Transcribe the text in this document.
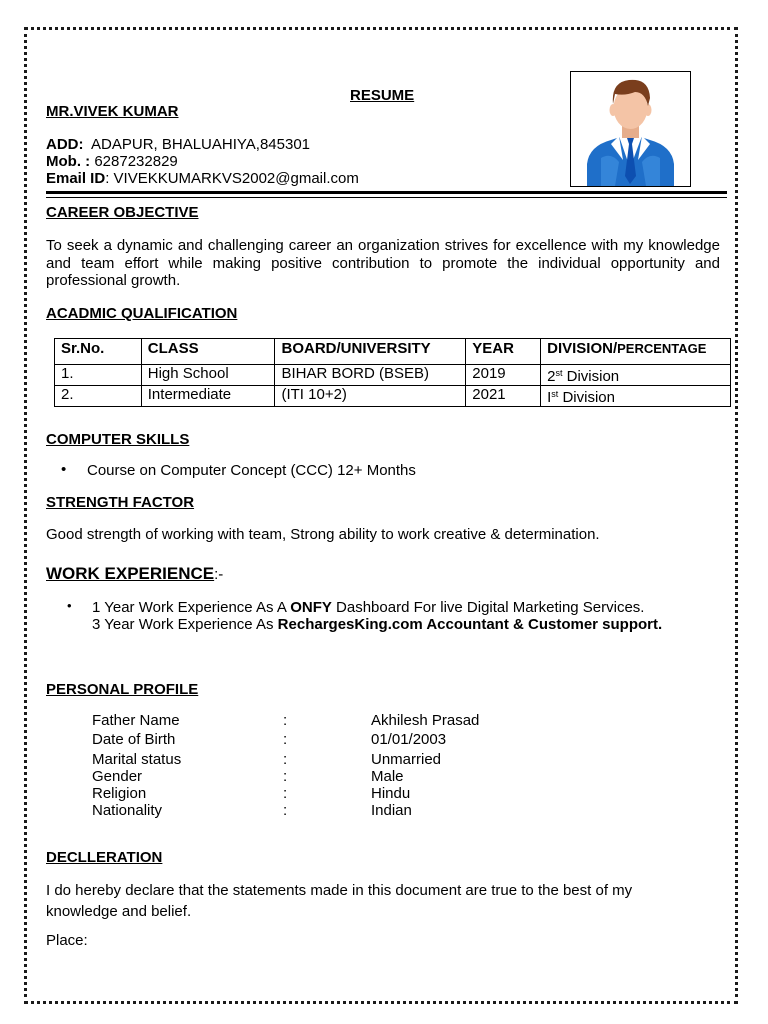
RESUME
MR.VIVEK KUMAR
ADD: ADAPUR, BHALUAHIYA,845301
Mob. : 6287232829
Email ID: VIVEKKUMARKVS2002@gmail.com
CAREER OBJECTIVE
To seek a dynamic and challenging career an organization strives for excellence with my knowledge and team effort while making positive contribution to promote the individual opportunity and professional growth.
ACADMIC QUALIFICATION
Sr.No.	CLASS	BOARD/UNIVERSITY	YEAR	DIVISION/PERCENTAGE
1.	High School	BIHAR BORD (BSEB)	2019	2st Division
2.	Intermediate	(ITI 10+2)	2021	Ist Division
COMPUTER SKILLS
• Course on Computer Concept (CCC) 12+ Months
STRENGTH FACTOR
Good strength of working with team, Strong ability to work creative & determination.
WORK EXPERIENCE:-
• 1 Year Work Experience As A ONFY Dashboard For live Digital Marketing Services.
3 Year Work Experience As RechargesKing.com Accountant & Customer support.
PERSONAL PROFILE
Father Name	:	Akhilesh Prasad
Date of Birth	:	01/01/2003
Marital status	:	Unmarried
Gender	:	Male
Religion	:	Hindu
Nationality	:	Indian
DECLLERATION
I do hereby declare that the statements made in this document are true to the best of my knowledge and belief.
Place:
